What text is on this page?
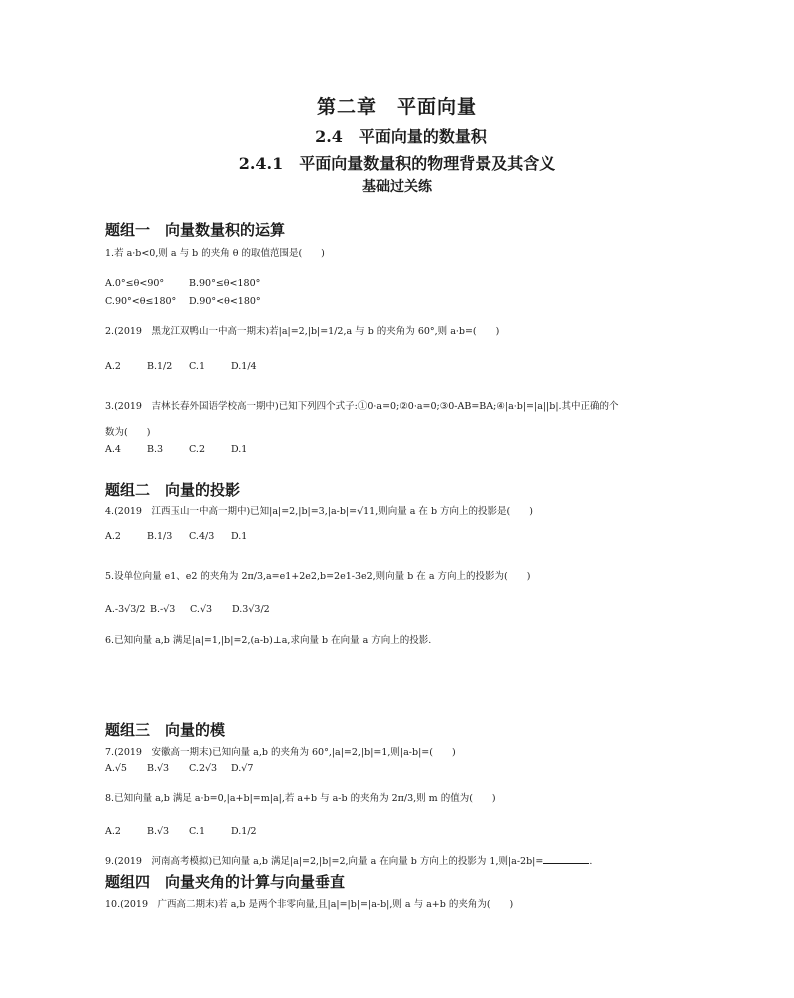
第二章　平面向量
2.4　平面向量的数量积
2.4.1　平面向量数量积的物理背景及其含义
基础过关练
题组一　向量数量积的运算
1.若 a·b<0,则 a 与 b 的夹角 θ 的取值范围是(　　)
A.0°≤θ<90°	B.90°≤θ<180°
C.90°<θ≤180° D.90°<θ<180°
2.(2019　黑龙江双鸭山一中高一期末)若|a|=2,|b|=1/2,a 与 b 的夹角为 60°,则 a·b=(　　)
A.2	B.1/2 C.1	D.1/4
3.(2019　吉林长春外国语学校高一期中)已知下列四个式子:①0·a=0;②0·a=0;③0-AB=BA;④|a·b|=|a||b|.其中正确的个
数为(　　)
A.4	B.3	C.2	D.1
题组二　向量的投影
4.(2019　江西玉山一中高一期中)已知|a|=2,|b|=3,|a-b|=√11,则向量 a 在 b 方向上的投影是(　　)
A.2	B.1/3 C.4/3 D.1
5.设单位向量 e1、e2 的夹角为 2π/3,a=e1+2e2,b=2e1-3e2,则向量 b 在 a 方向上的投影为(　　)
A.-3√3/2 B.-√3 C.√3 D.3√3/2
6.已知向量 a,b 满足|a|=1,|b|=2,(a-b)⊥a,求向量 b 在向量 a 方向上的投影.
题组三　向量的模
7.(2019　安徽高一期末)已知向量 a,b 的夹角为 60°,|a|=2,|b|=1,则|a-b|=(　　)
A.√5 B.√3 C.2√3 D.√7
8.已知向量 a,b 满足 a·b=0,|a+b|=m|a|,若 a+b 与 a-b 的夹角为 2π/3,则 m 的值为(　　)
A.2	B.√3 C.1	D.1/2
9.(2019　河南高考模拟)已知向量 a,b 满足|a|=2,|b|=2,向量 a 在向量 b 方向上的投影为 1,则|a-2b|=	.
题组四　向量夹角的计算与向量垂直
10.(2019　广西高二期末)若 a,b 是两个非零向量,且|a|=|b|=|a-b|,则 a 与 a+b 的夹角为(　　)
